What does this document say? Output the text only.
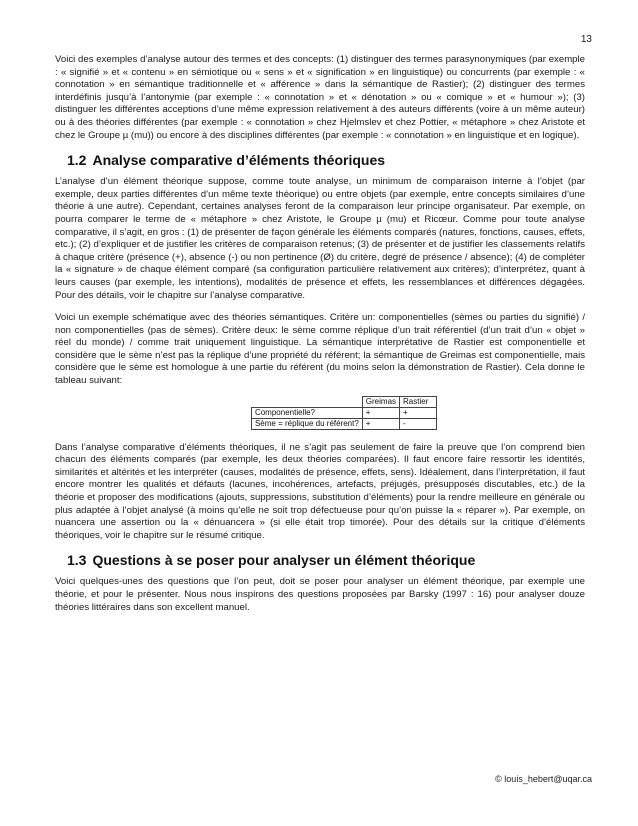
13

Voici des exemples d’analyse autour des termes et des concepts: (1) distinguer des termes parasynonymiques (par exemple : « signifié » et « contenu » en sémiotique ou « sens » et « signification » en linguistique) ou concurrents (par exemple : « connotation » en sémantique traditionnelle et « afférence » dans la sémantique de Rastier); (2) distinguer des termes interdéfinis jusqu’à l’antonymie (par exemple : « connotation » et « dénotation » ou « comique » et « humour »); (3) distinguer les différentes acceptions d’une même expression relativement à des auteurs différents (voire à un même auteur) ou à des théories différentes (par exemple : « connotation » chez Hjelmslev et chez Pottier, « métaphore » chez Aristote et chez le Groupe µ (mu)) ou encore à des disciplines différentes (par exemple : « connotation » en linguistique et en logique).

1.2 Analyse comparative d’éléments théoriques

L’analyse d’un élément théorique suppose, comme toute analyse, un minimum de comparaison interne à l’objet (par exemple, deux parties différentes d’un même texte théorique) ou entre objets (par exemple, entre concepts similaires d’une théorie à une autre). Cependant, certaines analyses feront de la comparaison leur principe organisateur. Par exemple, on pourra comparer le terme de « métaphore » chez Aristote, le Groupe µ (mu) et Ricœur. Comme pour toute analyse comparative, il s’agit, en gros : (1) de présenter de façon générale les éléments comparés (natures, fonctions, causes, effets, etc.); (2) d’expliquer et de justifier les critères de comparaison retenus; (3) de présenter et de justifier les classements relatifs à chaque critère (présence (+), absence (-) ou non pertinence (Ø) du critère, degré de présence / absence); (4) de compléter la « signature » de chaque élément comparé (sa configuration particulière relativement aux critères); d’interprétez, quant à leurs causes (par exemple, les intentions), modalités de présence et effets, les ressemblances et différences dégagées. Pour des détails, voir le chapitre sur l’analyse comparative.

Voici un exemple schématique avec des théories sémantiques. Critère un: componentielles (sèmes ou parties du signifié) / non componentielles (pas de sèmes). Critère deux: le sème comme réplique d’un trait référentiel (d’un trait d’un « objet » réel du monde) / comme trait uniquement linguistique. La sémantique interprétative de Rastier est componentielle et considère que le sème n’est pas la réplique d’une propriété du référent; la sémantique de Greimas est componentielle, mais considère que le sème est homologue à une partie du référent (du moins selon la démonstration de Rastier). Cela donne le tableau suivant:

	Greimas	Rastier
Componentielle?	+	+
Sème = réplique du référent?	+	-

Dans l’analyse comparative d’éléments théoriques, il ne s’agit pas seulement de faire la preuve que l’on comprend bien chacun des éléments comparés (par exemple, les deux théories comparées). Il faut encore faire ressortir les identités, similarités et altérités et les interpréter (causes, modalités de présence, effets, sens). Idéalement, dans l’interprétation, il faut encore montrer les qualités et défauts (lacunes, incohérences, artefacts, préjugés, présupposés discutables, etc.) de la théorie et proposer des modifications (ajouts, suppressions, substitution d’éléments) pour la rendre meilleure en générale ou plus adaptée à l’objet analysé (à moins qu’elle ne soit trop défectueuse pour qu’on puisse la « réparer »). Par exemple, on nuancera une assertion ou la « dénuancera » (si elle était trop timorée). Pour des détails sur la critique d’éléments théoriques, voir le chapitre sur le résumé critique.

1.3 Questions à se poser pour analyser un élément théorique

Voici quelques-unes des questions que l’on peut, doit se poser pour analyser un élément théorique, par exemple une théorie, et pour le présenter. Nous nous inspirons des questions proposées par Barsky (1997 : 16) pour analyser douze théories littéraires dans son excellent manuel.

© louis_hebert@uqar.ca
